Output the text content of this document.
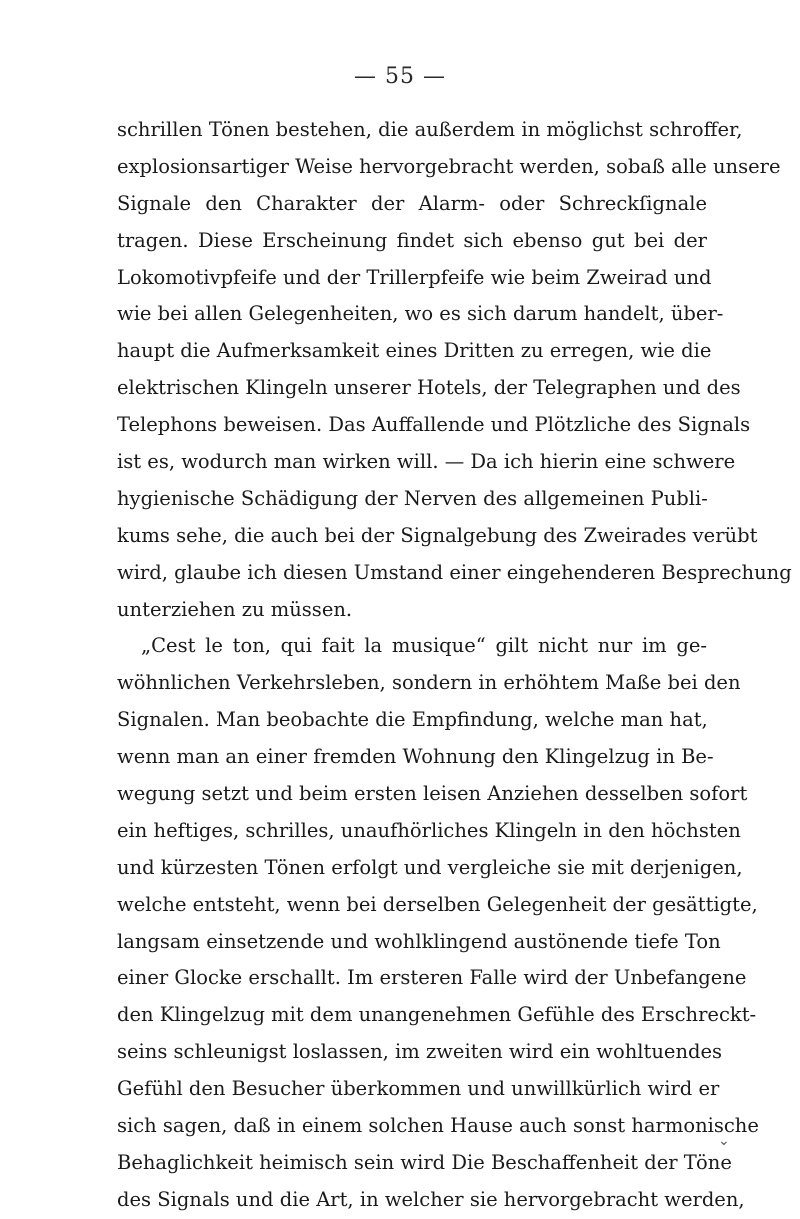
— 55 —
schrillen Tönen bestehen, die außerdem in möglichst schroffer,
explosionsartiger Weise hervorgebracht werden, sobaß alle unsere
Signale den Charakter der Alarm- oder Schreckſignale
tragen. Diese Erscheinung findet sich ebenso gut bei der
Lokomotivpfeife und der Trillerpfeife wie beim Zweirad und
wie bei allen Gelegenheiten, wo es sich darum handelt, über-
haupt die Aufmerksamkeit eines Dritten zu erregen, wie die
elektrischen Klingeln unserer Hotels, der Telegraphen und des
Telephons beweisen. Das Auffallende und Plötzliche des Signals
ist es, wodurch man wirken will. — Da ich hierin eine schwere
hygienische Schädigung der Nerven des allgemeinen Publi-
kums sehe, die auch bei der Signalgebung des Zweirades verübt
wird, glaube ich diesen Umstand einer eingehenderen Besprechung
unterziehen zu müssen.
„Cest le ton, qui fait la musique“ gilt nicht nur im ge-
wöhnlichen Verkehrsleben, sondern in erhöhtem Maße bei den
Signalen. Man beobachte die Empfindung, welche man hat,
wenn man an einer fremden Wohnung den Klingelzug in Be-
wegung setzt und beim ersten leisen Anziehen desselben sofort
ein heftiges, schrilles, unaufhörliches Klingeln in den höchsten
und kürzesten Tönen erfolgt und vergleiche sie mit derjenigen,
welche entsteht, wenn bei derselben Gelegenheit der gesättigte,
langsam einsetzende und wohlklingend austönende tiefe Ton
einer Glocke erschallt. Im ersteren Falle wird der Unbefangene
den Klingelzug mit dem unangenehmen Gefühle des Erschreckt-
seins schleunigst loslassen, im zweiten wird ein wohltuendes
Gefühl den Besucher überkommen und unwillkürlich wird er
sich sagen, daß in einem solchen Hause auch sonst harmonische
Behaglichkeit heimisch sein wird Die Beschaffenheit der Töne
des Signals und die Art, in welcher sie hervorgebracht werden,
⌄
